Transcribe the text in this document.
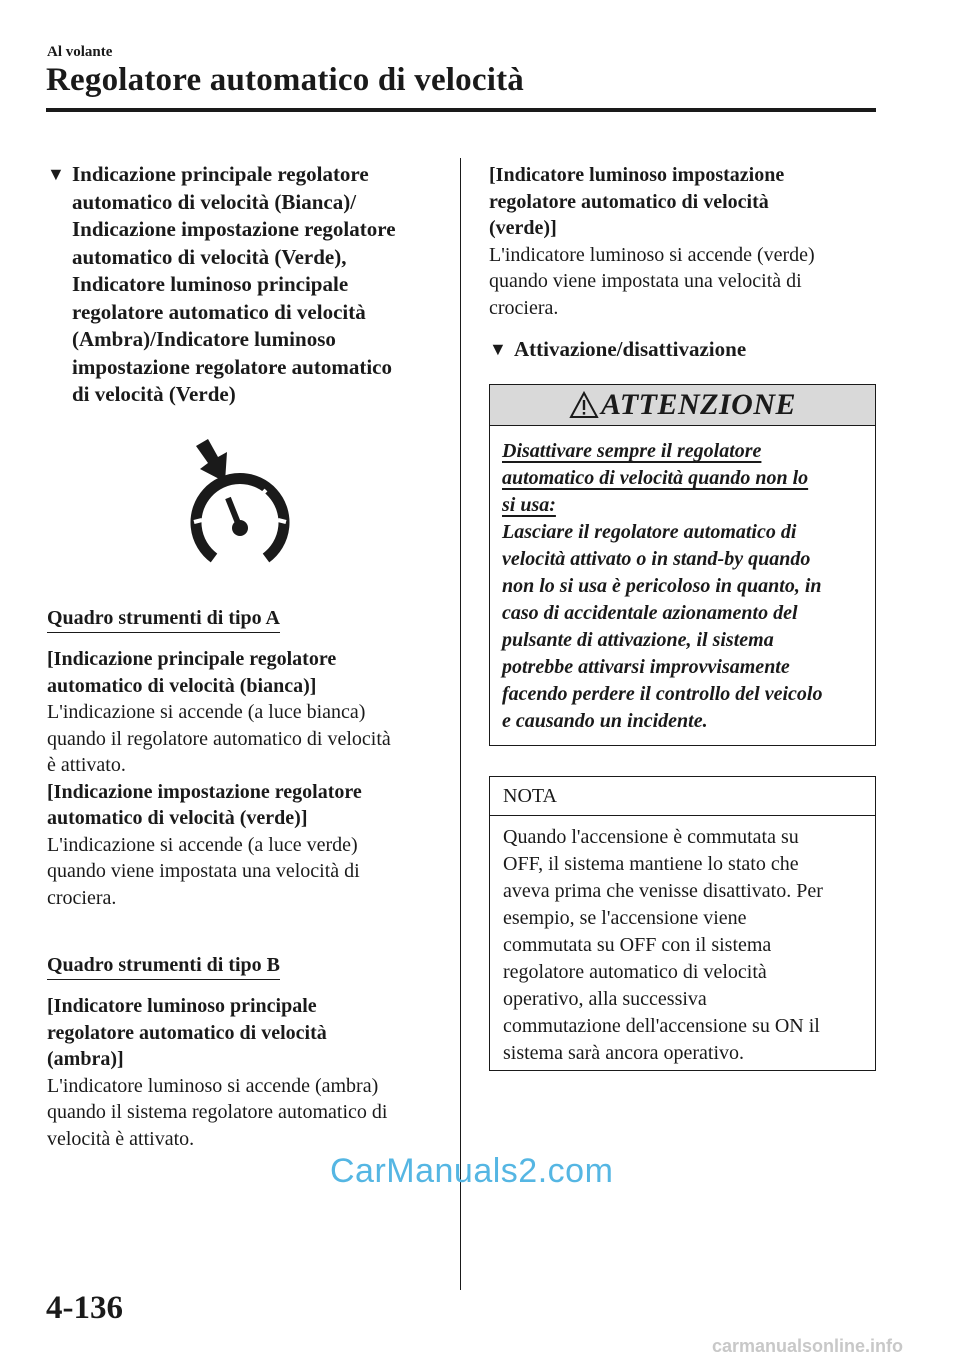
Al volante
Regolatore automatico di velocità
▼ Indicazione principale regolatore
automatico di velocità (Bianca)/
Indicazione impostazione regolatore
automatico di velocità (Verde),
Indicatore luminoso principale
regolatore automatico di velocità
(Ambra)/Indicatore luminoso
impostazione regolatore automatico
di velocità (Verde)
Quadro strumenti di tipo A
[Indicazione principale regolatore
automatico di velocità (bianca)]
L'indicazione si accende (a luce bianca)
quando il regolatore automatico di velocità
è attivato.
[Indicazione impostazione regolatore
automatico di velocità (verde)]
L'indicazione si accende (a luce verde)
quando viene impostata una velocità di
crociera.
Quadro strumenti di tipo B
[Indicatore luminoso principale
regolatore automatico di velocità
(ambra)]
L'indicatore luminoso si accende (ambra)
quando il sistema regolatore automatico di
velocità è attivato.
[Indicatore luminoso impostazione
regolatore automatico di velocità
(verde)]
L'indicatore luminoso si accende (verde)
quando viene impostata una velocità di
crociera.
▼ Attivazione/disattivazione
ATTENZIONE
Disattivare sempre il regolatore
automatico di velocità quando non lo
si usa:
Lasciare il regolatore automatico di
velocità attivato o in stand-by quando
non lo si usa è pericoloso in quanto, in
caso di accidentale azionamento del
pulsante di attivazione, il sistema
potrebbe attivarsi improvvisamente
facendo perdere il controllo del veicolo
e causando un incidente.
NOTA
Quando l'accensione è commutata su
OFF, il sistema mantiene lo stato che
aveva prima che venisse disattivato. Per
esempio, se l'accensione viene
commutata su OFF con il sistema
regolatore automatico di velocità
operativo, alla successiva
commutazione dell'accensione su ON il
sistema sarà ancora operativo.
CarManuals2.com
4-136
carmanualsonline.info
